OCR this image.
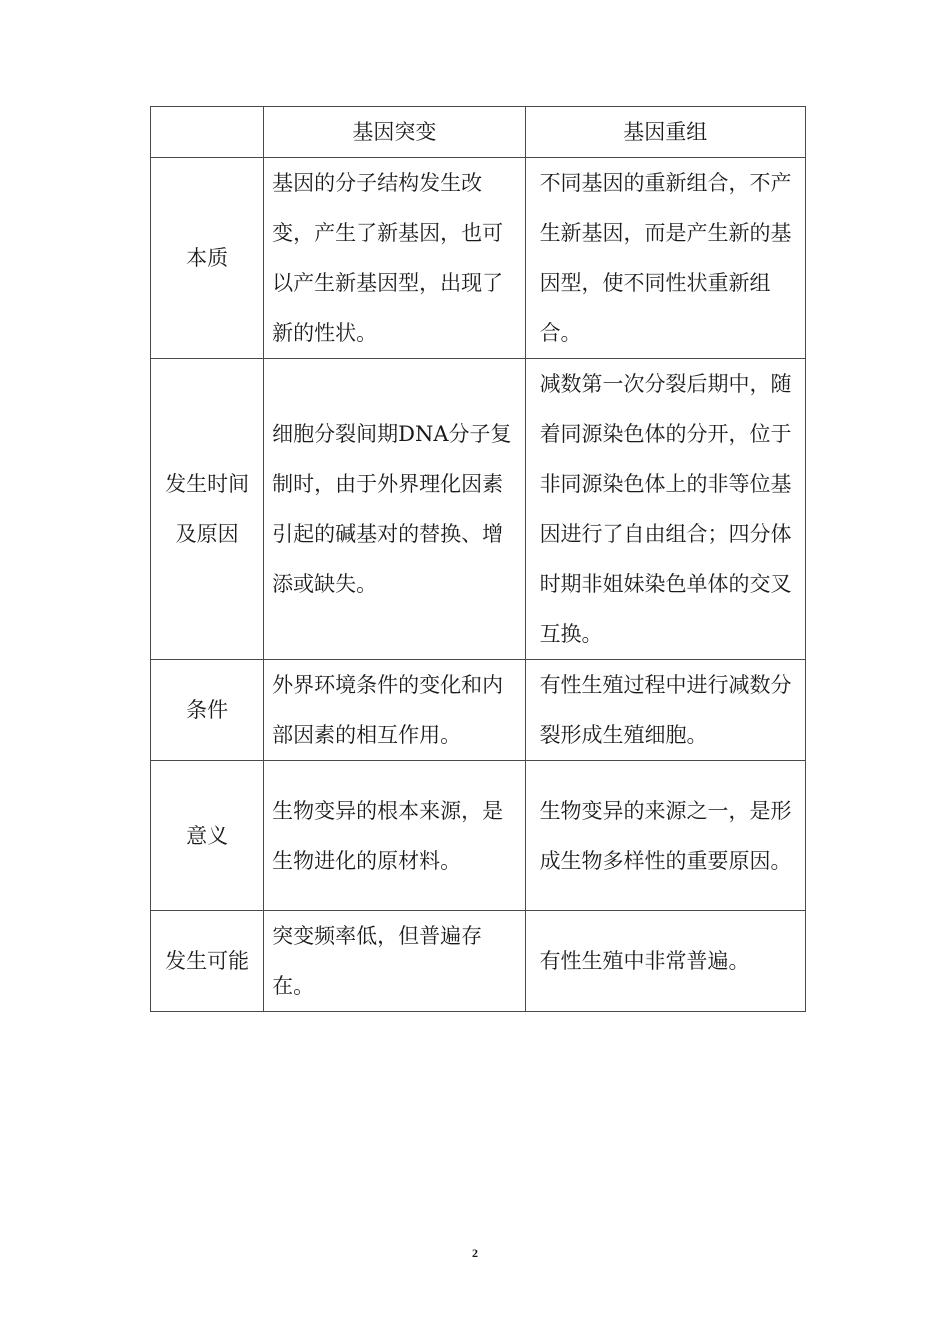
	基因突变	基因重组
本质	基因的分子结构发生改变，产生了新基因，也可以产生新基因型，出现了新的性状。	不同基因的重新组合，不产生新基因，而是产生新的基因型，使不同性状重新组合。
发生时间及原因	细胞分裂间期DNA分子复制时，由于外界理化因素引起的碱基对的替换、增添或缺失。	减数第一次分裂后期中，随着同源染色体的分开，位于非同源染色体上的非等位基因进行了自由组合；四分体时期非姐妹染色单体的交叉互换。
条件	外界环境条件的变化和内部因素的相互作用。	有性生殖过程中进行减数分裂形成生殖细胞。
意义	生物变异的根本来源，是生物进化的原材料。	生物变异的来源之一，是形成生物多样性的重要原因。
发生可能	突变频率低，但普遍存在。	有性生殖中非常普遍。
2
